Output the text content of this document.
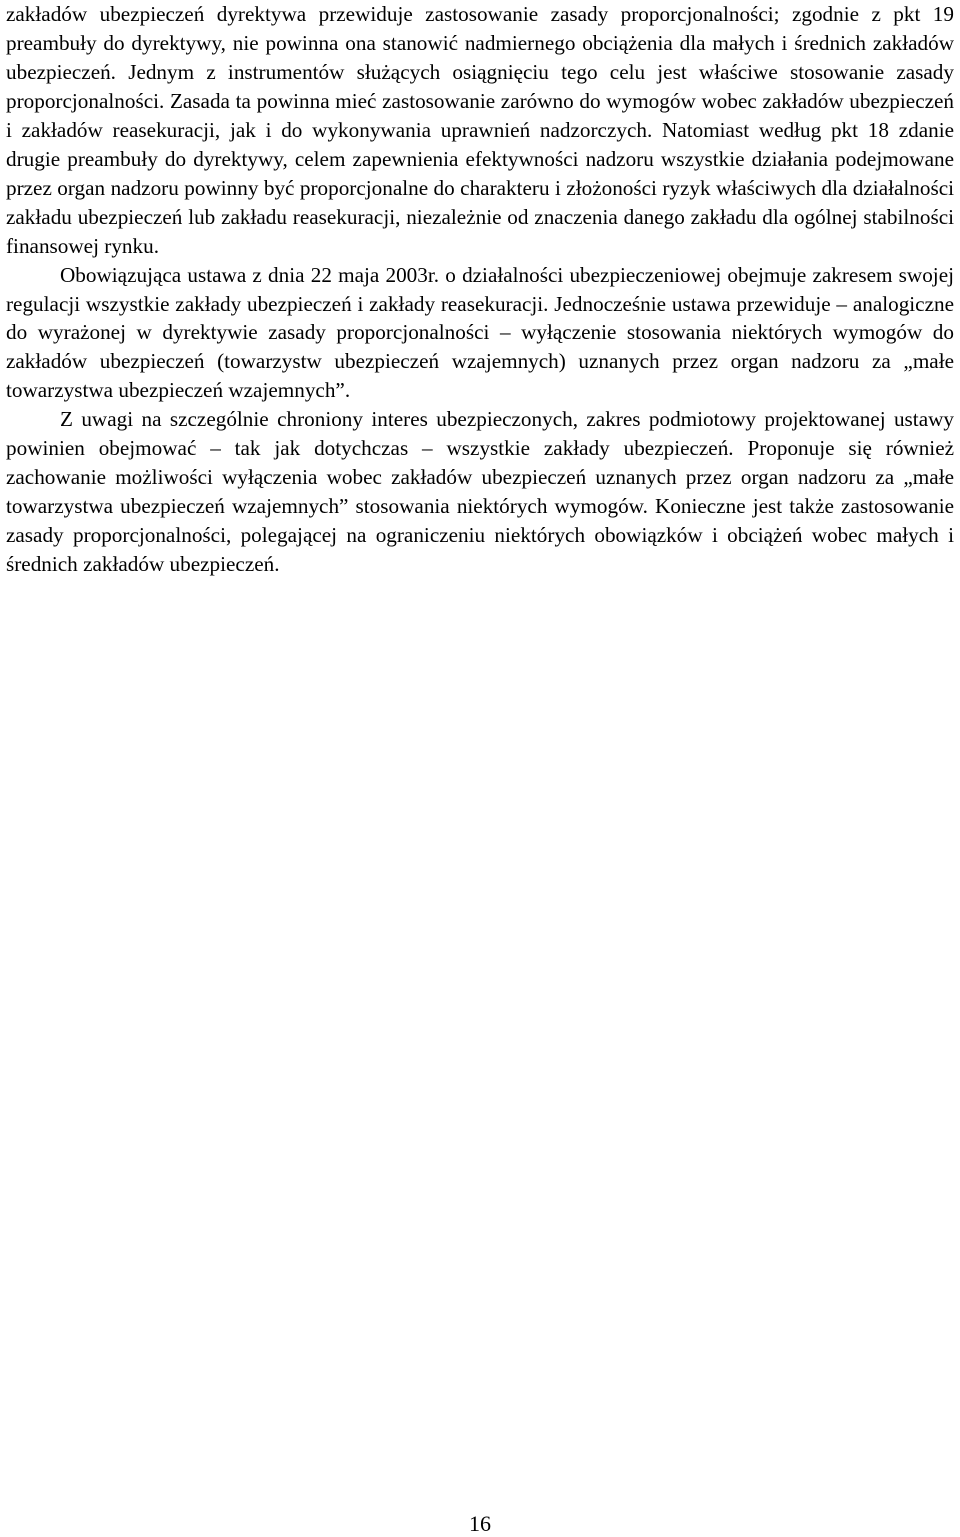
zakładów ubezpieczeń dyrektywa przewiduje zastosowanie zasady proporcjonalności; zgodnie z pkt 19 preambuły do dyrektywy, nie powinna ona stanowić nadmiernego obciążenia dla małych i średnich zakładów ubezpieczeń. Jednym z instrumentów służących osiągnięciu tego celu jest właściwe stosowanie zasady proporcjonalności. Zasada ta powinna mieć zastosowanie zarówno do wymogów wobec zakładów ubezpieczeń i zakładów reasekuracji, jak i do wykonywania uprawnień nadzorczych. Natomiast według pkt 18 zdanie drugie preambuły do dyrektywy, celem zapewnienia efektywności nadzoru wszystkie działania podejmowane przez organ nadzoru powinny być proporcjonalne do charakteru i złożoności ryzyk właściwych dla działalności zakładu ubezpieczeń lub zakładu reasekuracji, niezależnie od znaczenia danego zakładu dla ogólnej stabilności finansowej rynku.

Obowiązująca ustawa z dnia 22 maja 2003r. o działalności ubezpieczeniowej obejmuje zakresem swojej regulacji wszystkie zakłady ubezpieczeń i zakłady reasekuracji. Jednocześnie ustawa przewiduje – analogiczne do wyrażonej w dyrektywie zasady proporcjonalności – wyłączenie stosowania niektórych wymogów do zakładów ubezpieczeń (towarzystw ubezpieczeń wzajemnych) uznanych przez organ nadzoru za „małe towarzystwa ubezpieczeń wzajemnych”.

Z uwagi na szczególnie chroniony interes ubezpieczonych, zakres podmiotowy projektowanej ustawy powinien obejmować – tak jak dotychczas – wszystkie zakłady ubezpieczeń. Proponuje się również zachowanie możliwości wyłączenia wobec zakładów ubezpieczeń uznanych przez organ nadzoru za „małe towarzystwa ubezpieczeń wzajemnych” stosowania niektórych wymogów. Konieczne jest także zastosowanie zasady proporcjonalności, polegającej na ograniczeniu niektórych obowiązków i obciążeń wobec małych i średnich zakładów ubezpieczeń.

16
